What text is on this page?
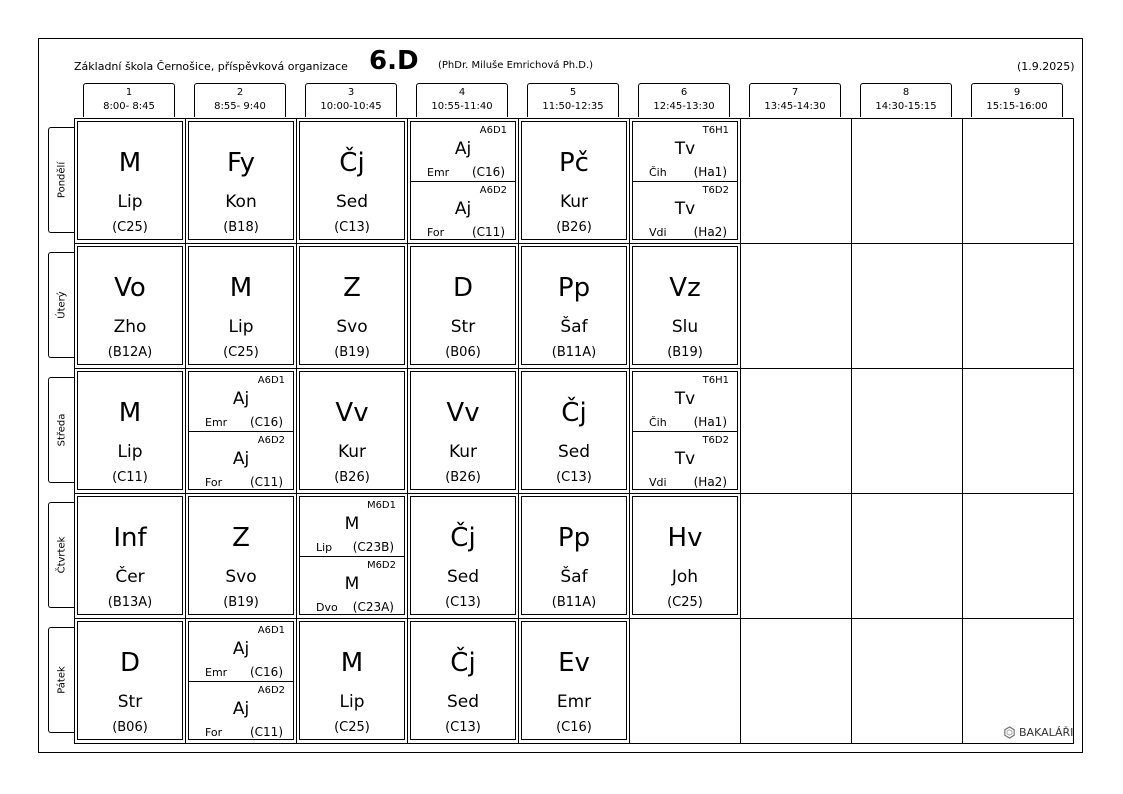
Základní škola Černošice, příspěvková organizace 6.D (PhDr. Miluše Emrichová Ph.D.)	(1.9.2025)
1
8:00- 8:45
2
8:55- 9:40
3
10:00-10:45
4
10:55-11:40
5
11:50-12:35
6
12:45-13:30
7
13:45-14:30
8
14:30-15:15
9
15:15-16:00
Pondělí
Úterý
Středa
Čtvrtek
Pátek
M
Lip
(C25)
Fy
Kon
(B18)
Čj
Sed
(C13)
A6D1
Aj
Emr (C16)
A6D2
Aj
For (C11)
Pč
Kur
(B26)
T6H1
Tv
Čih (Ha1)
T6D2
Tv
Vdi (Ha2)
Vo
Zho
(B12A)
M
Lip
(C25)
Z
Svo
(B19)
D
Str
(B06)
Pp
Šaf
(B11A)
Vz
Slu
(B19)
M
Lip
(C11)
A6D1
Aj
Emr (C16)
A6D2
Aj
For (C11)
Vv
Kur
(B26)
Vv
Kur
(B26)
Čj
Sed
(C13)
T6H1
Tv
Čih (Ha1)
T6D2
Tv
Vdi (Ha2)
Inf
Čer
(B13A)
Z
Svo
(B19)
M6D1
M
Lip (C23B)
M6D2
M
Dvo (C23A)
Čj
Sed
(C13)
Pp
Šaf
(B11A)
Hv
Joh
(C25)
D
Str
(B06)
A6D1
Aj
Emr (C16)
A6D2
Aj
For (C11)
M
Lip
(C25)
Čj
Sed
(C13)
Ev
Emr
(C16)	BAKALÁŘI
